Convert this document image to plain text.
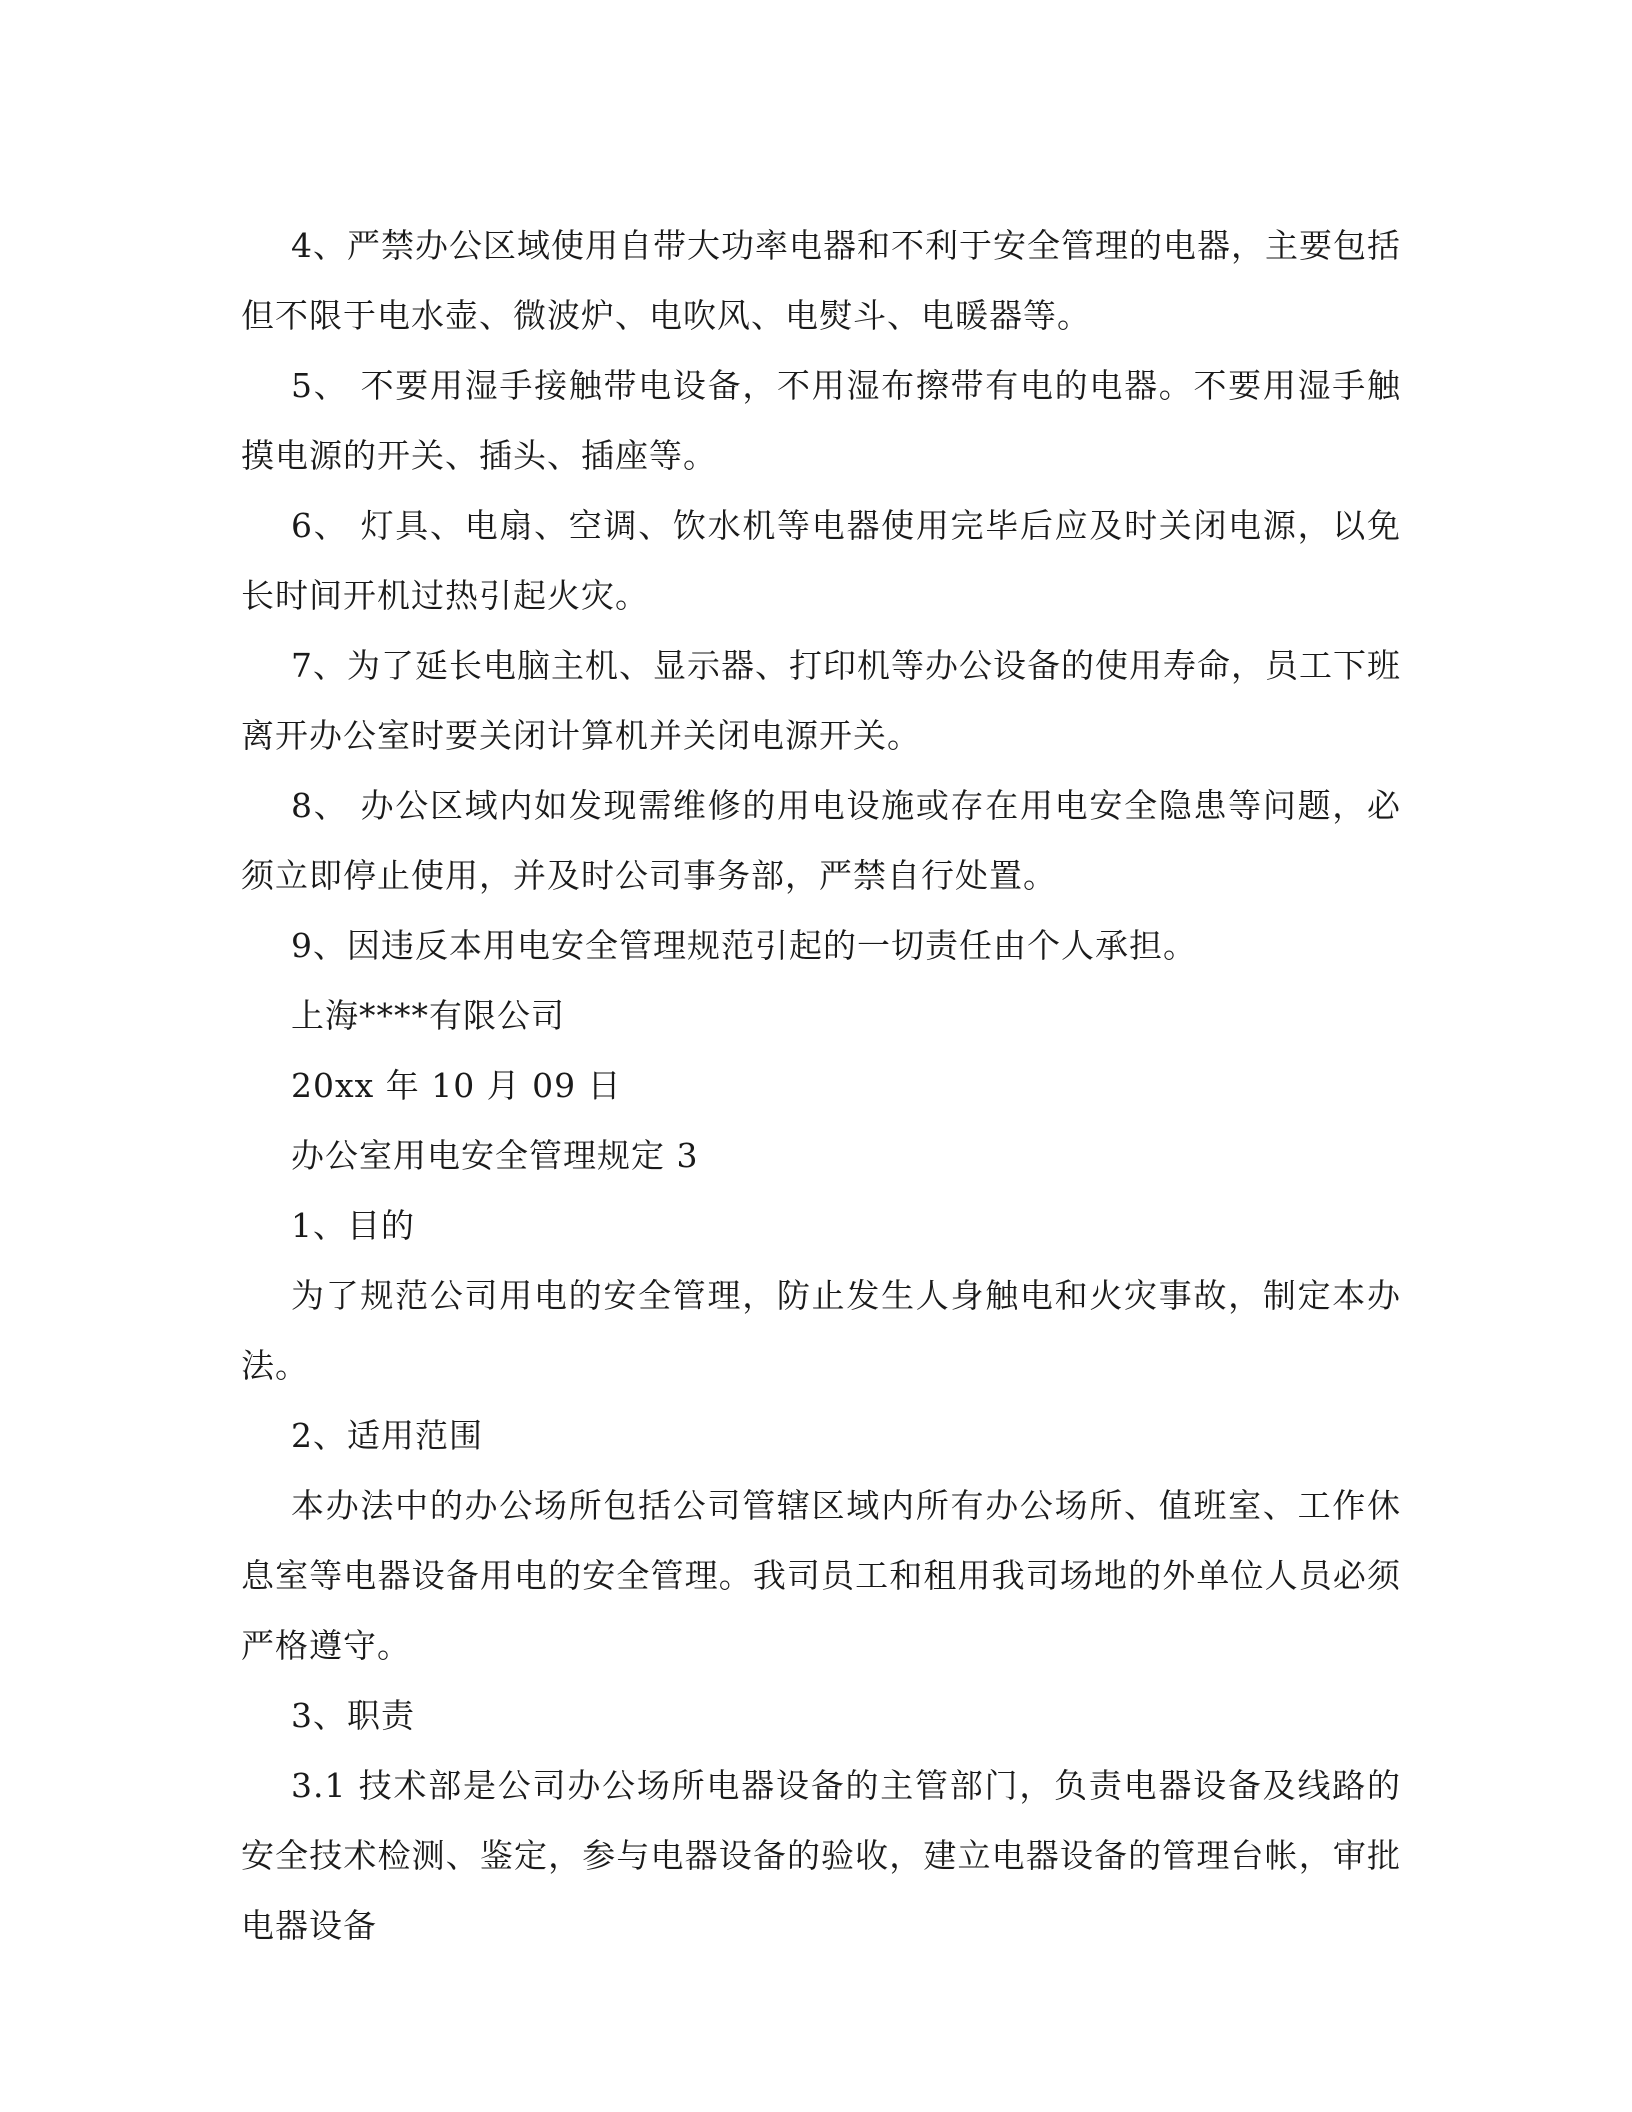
4、严禁办公区域使用自带大功率电器和不利于安全管理的电器，主要包括但不限于电水壶、微波炉、电吹风、电熨斗、电暖器等。

5、 不要用湿手接触带电设备，不用湿布擦带有电的电器。不要用湿手触摸电源的开关、插头、插座等。

6、 灯具、电扇、空调、饮水机等电器使用完毕后应及时关闭电源，以免长时间开机过热引起火灾。

7、为了延长电脑主机、显示器、打印机等办公设备的使用寿命，员工下班离开办公室时要关闭计算机并关闭电源开关。

8、 办公区域内如发现需维修的用电设施或存在用电安全隐患等问题，必须立即停止使用，并及时公司事务部，严禁自行处置。

9、因违反本用电安全管理规范引起的一切责任由个人承担。

上海****有限公司

20xx 年 10 月 09 日

办公室用电安全管理规定 3

1、目的

为了规范公司用电的安全管理，防止发生人身触电和火灾事故，制定本办法。

2、适用范围

本办法中的办公场所包括公司管辖区域内所有办公场所、值班室、工作休息室等电器设备用电的安全管理。我司员工和租用我司场地的外单位人员必须严格遵守。

3、职责

3.1 技术部是公司办公场所电器设备的主管部门，负责电器设备及线路的安全技术检测、鉴定，参与电器设备的验收，建立电器设备的管理台帐，审批电器设备
